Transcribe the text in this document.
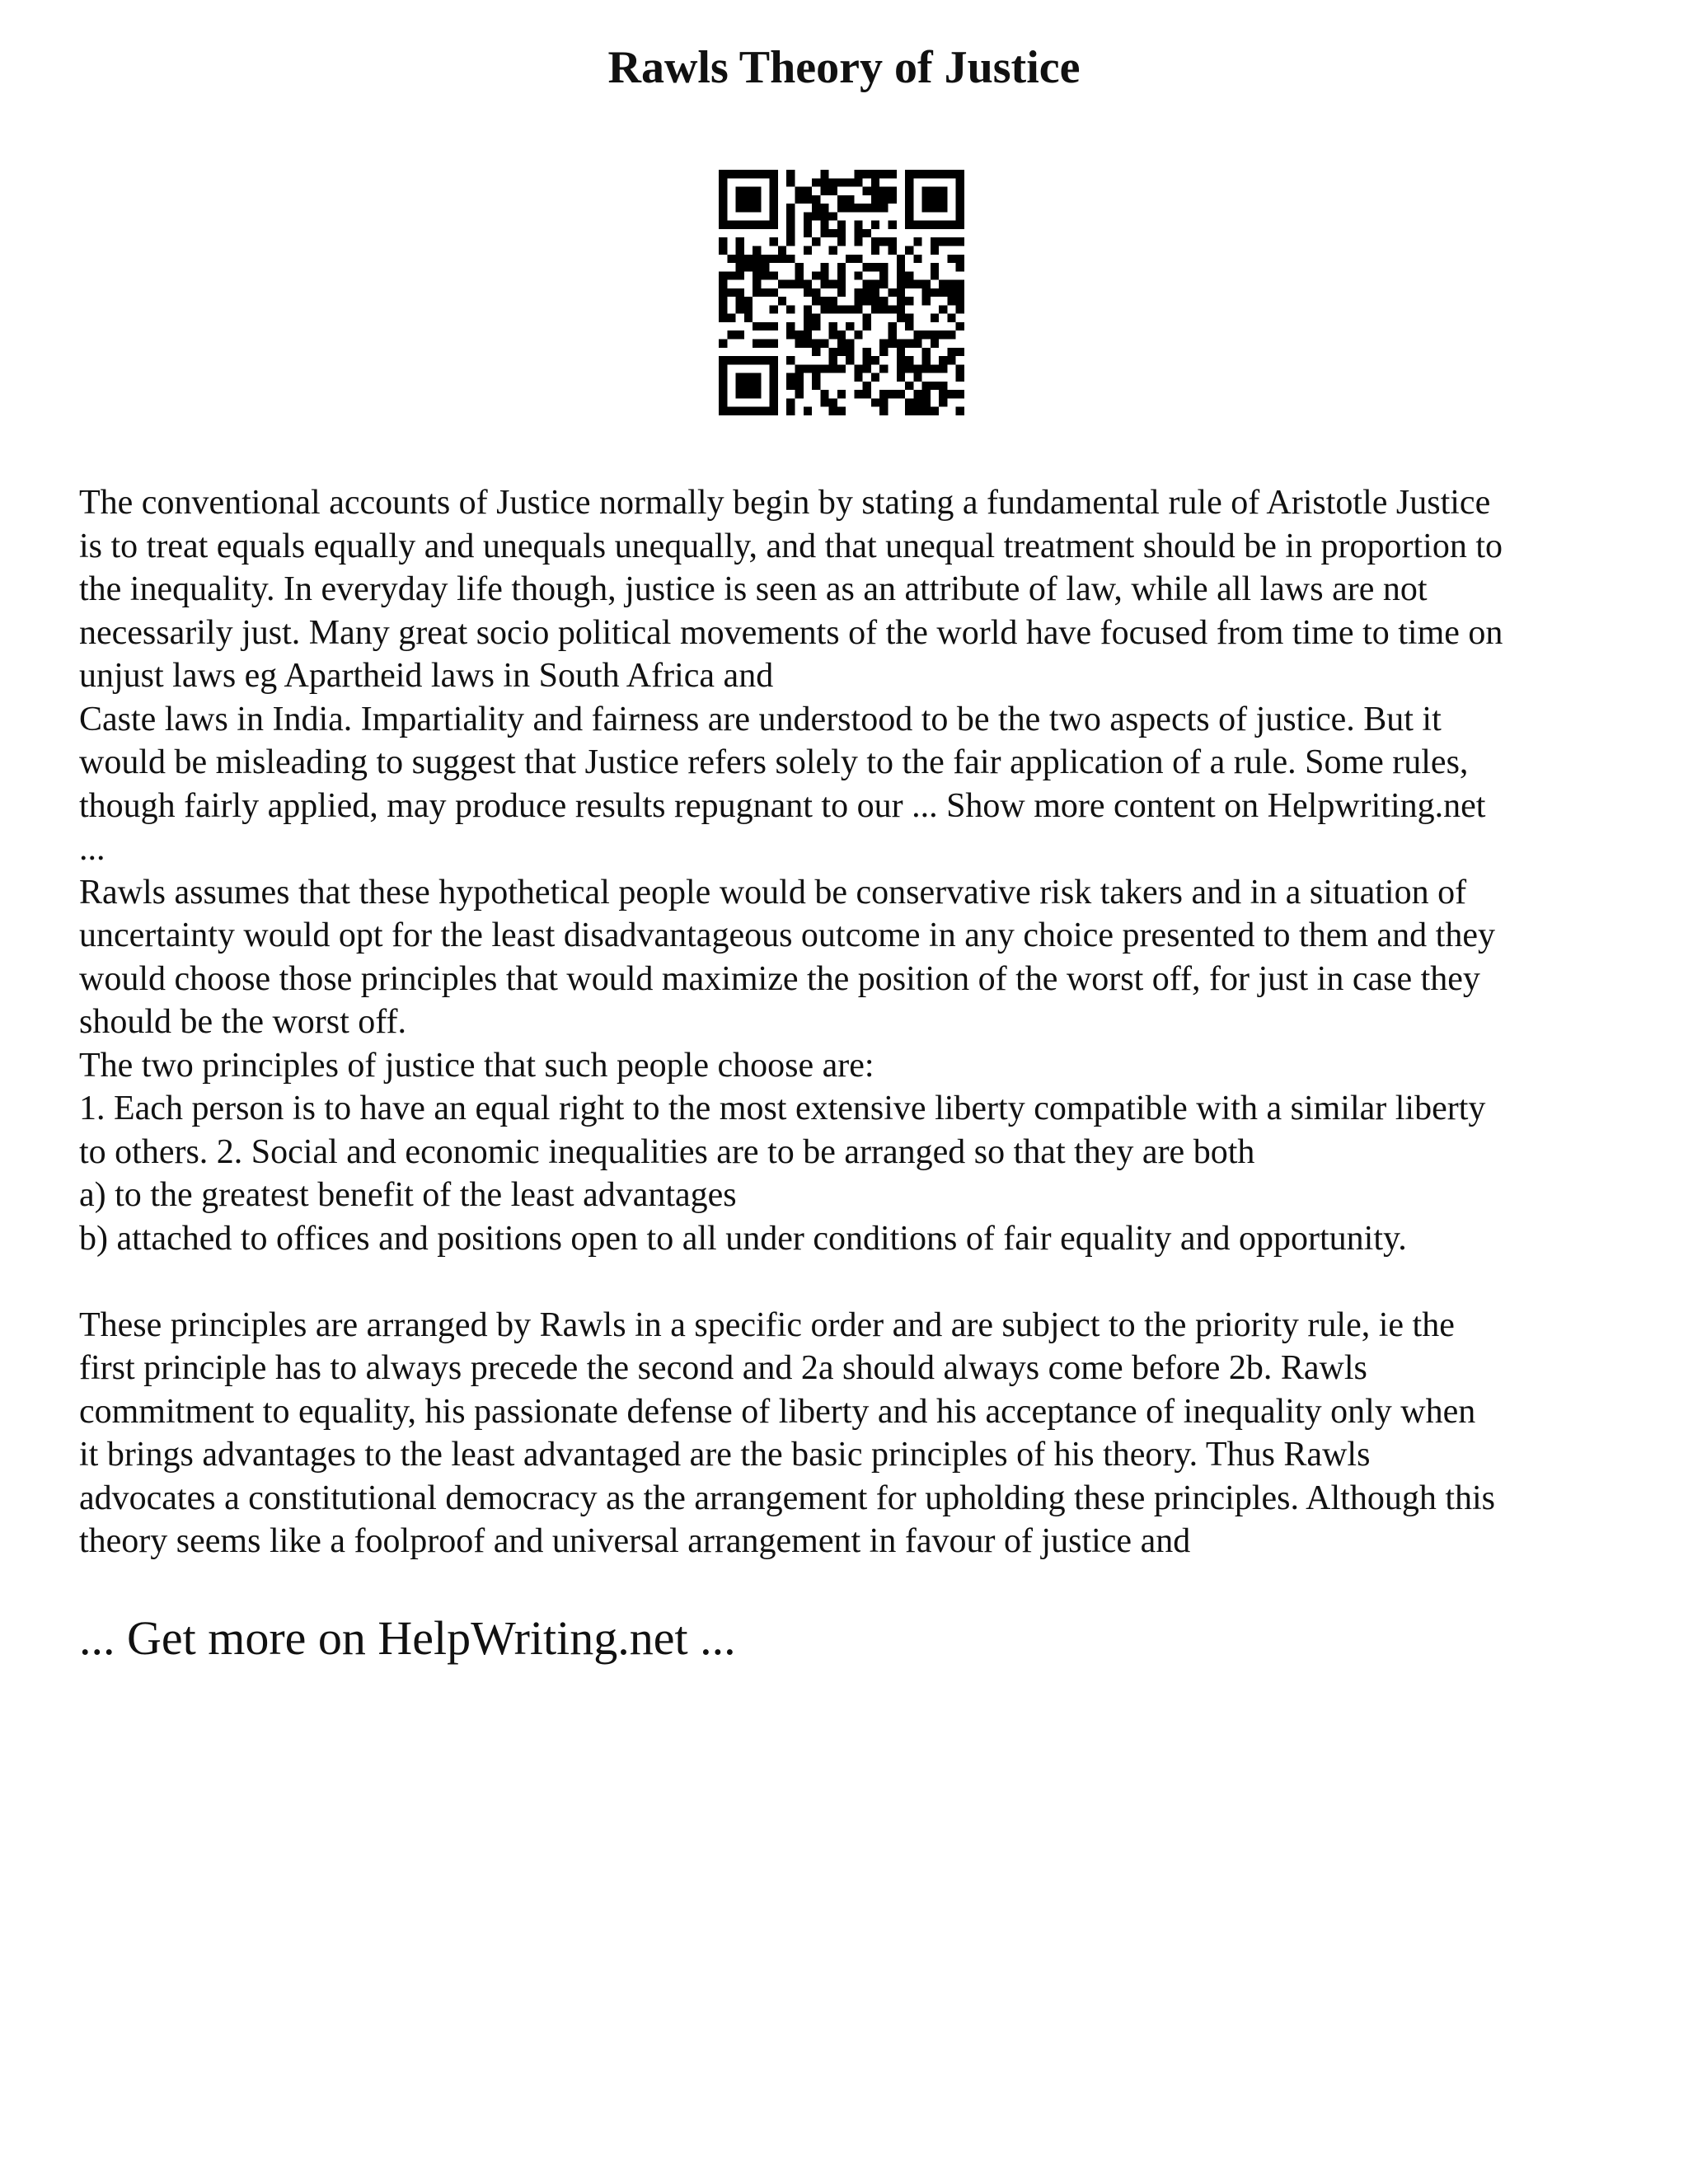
Rawls Theory of Justice
The conventional accounts of Justice normally begin by stating a fundamental rule of Aristotle Justice
is to treat equals equally and unequals unequally, and that unequal treatment should be in proportion to
the inequality. In everyday life though, justice is seen as an attribute of law, while all laws are not
necessarily just. Many great socio political movements of the world have focused from time to time on
unjust laws eg Apartheid laws in South Africa and
Caste laws in India. Impartiality and fairness are understood to be the two aspects of justice. But it
would be misleading to suggest that Justice refers solely to the fair application of a rule. Some rules,
though fairly applied, may produce results repugnant to our ... Show more content on Helpwriting.net
...
Rawls assumes that these hypothetical people would be conservative risk takers and in a situation of
uncertainty would opt for the least disadvantageous outcome in any choice presented to them and they
would choose those principles that would maximize the position of the worst off, for just in case they
should be the worst off.
The two principles of justice that such people choose are:
1. Each person is to have an equal right to the most extensive liberty compatible with a similar liberty
to others. 2. Social and economic inequalities are to be arranged so that they are both
a) to the greatest benefit of the least advantages
b) attached to offices and positions open to all under conditions of fair equality and opportunity.
These principles are arranged by Rawls in a specific order and are subject to the priority rule, ie the
first principle has to always precede the second and 2a should always come before 2b. Rawls
commitment to equality, his passionate defense of liberty and his acceptance of inequality only when
it brings advantages to the least advantaged are the basic principles of his theory. Thus Rawls
advocates a constitutional democracy as the arrangement for upholding these principles. Although this
theory seems like a foolproof and universal arrangement in favour of justice and
... Get more on HelpWriting.net ...
